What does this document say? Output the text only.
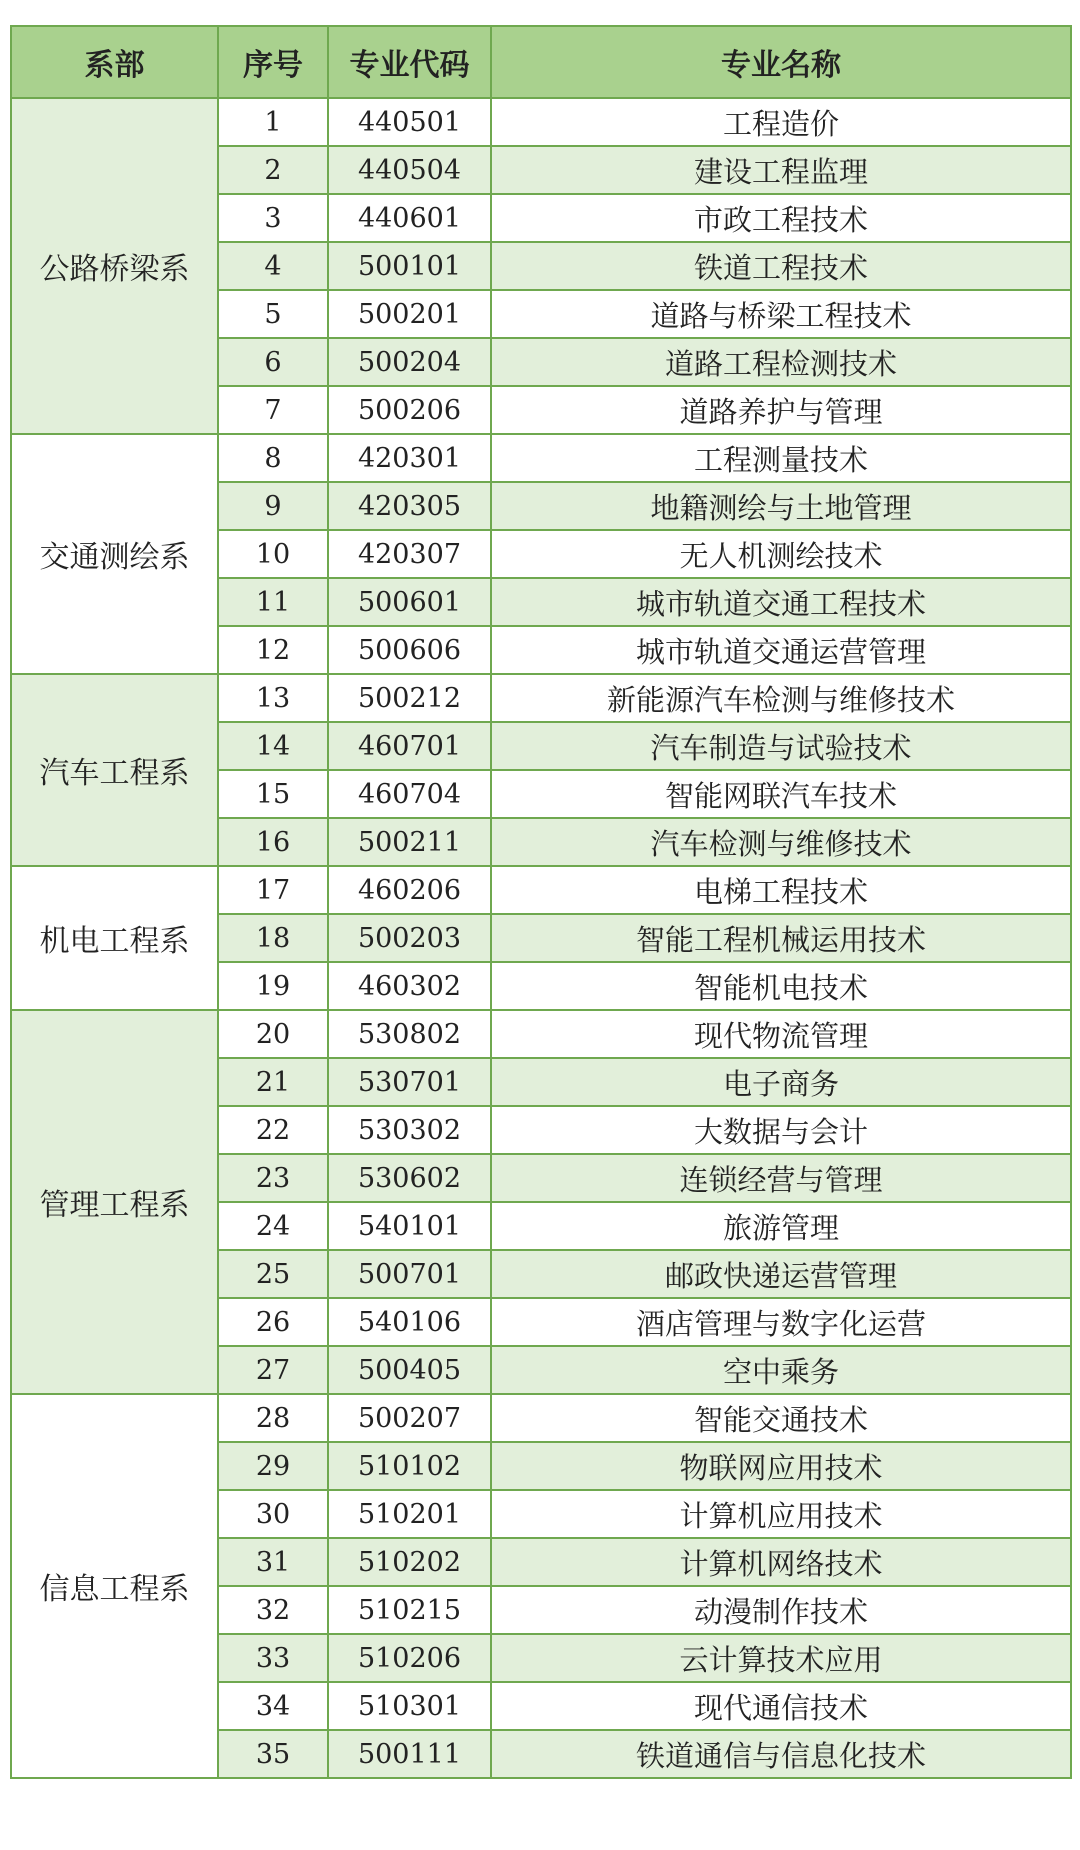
系部	序号	专业代码	专业名称
公路桥梁系	1	440501	工程造价
	2	440504	建设工程监理
	3	440601	市政工程技术
	4	500101	铁道工程技术
	5	500201	道路与桥梁工程技术
	6	500204	道路工程检测技术
	7	500206	道路养护与管理
交通测绘系	8	420301	工程测量技术
	9	420305	地籍测绘与土地管理
	10	420307	无人机测绘技术
	11	500601	城市轨道交通工程技术
	12	500606	城市轨道交通运营管理
汽车工程系	13	500212	新能源汽车检测与维修技术
	14	460701	汽车制造与试验技术
	15	460704	智能网联汽车技术
	16	500211	汽车检测与维修技术
机电工程系	17	460206	电梯工程技术
	18	500203	智能工程机械运用技术
	19	460302	智能机电技术
管理工程系	20	530802	现代物流管理
	21	530701	电子商务
	22	530302	大数据与会计
	23	530602	连锁经营与管理
	24	540101	旅游管理
	25	500701	邮政快递运营管理
	26	540106	酒店管理与数字化运营
	27	500405	空中乘务
信息工程系	28	500207	智能交通技术
	29	510102	物联网应用技术
	30	510201	计算机应用技术
	31	510202	计算机网络技术
	32	510215	动漫制作技术
	33	510206	云计算技术应用
	34	510301	现代通信技术
	35	500111	铁道通信与信息化技术
